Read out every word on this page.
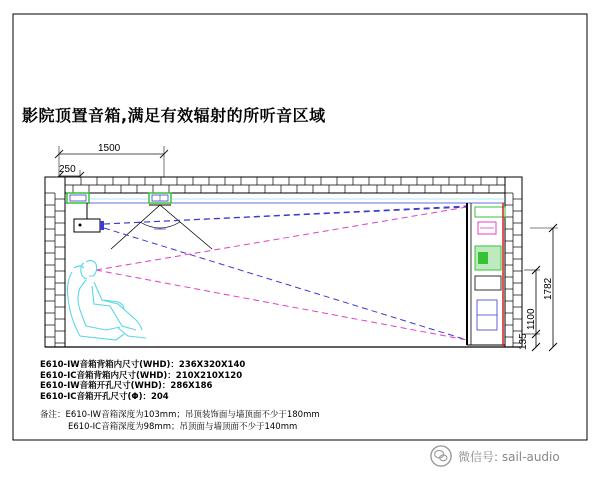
影院顶置音箱,满足有效辐射的所听音区域
1500
250
1782
1100
135
E610-IW音箱背箱内尺寸(WHD)：236X320X140
E610-IC音箱背箱内尺寸(WHD)：210X210X120
E610-IW音箱开孔尺寸(WHD)：286X186
E610-IC音箱开孔尺寸(Φ)：204
备注：E610-IW音箱深度为103mm；吊顶装饰面与墙顶面不少于180mm
E610-IC音箱深度为98mm；吊顶面与墙顶面不少于140mm
微信号: sail-audio
